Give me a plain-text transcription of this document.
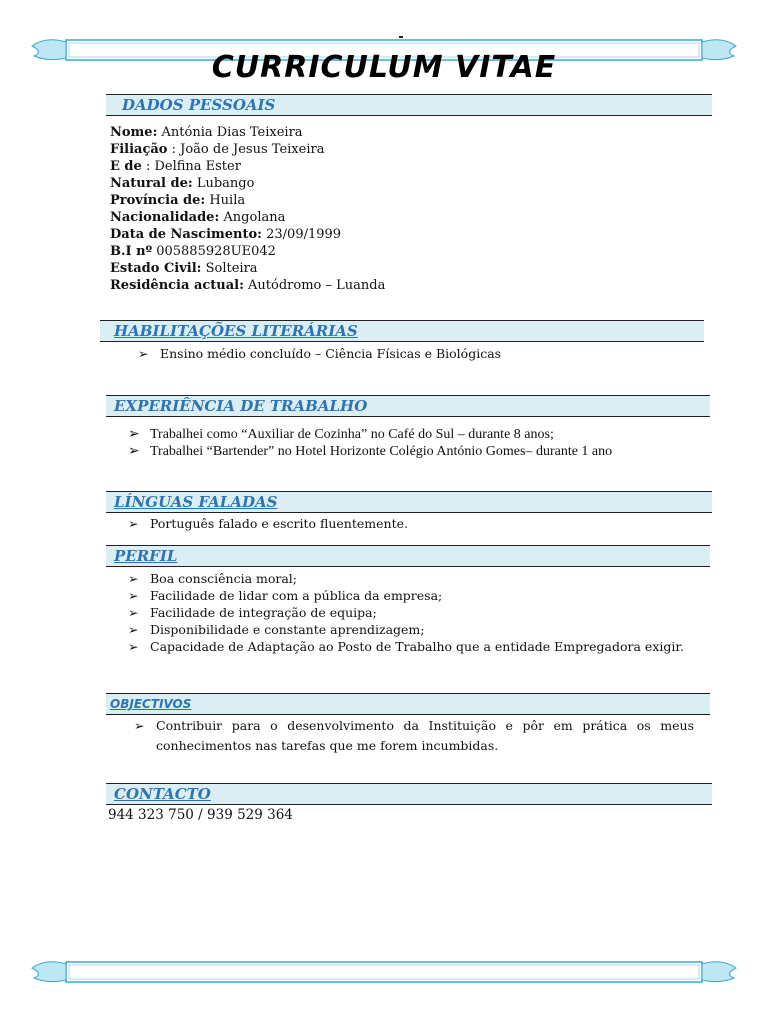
CURRICULUM VITAE
DADOS PESSOAIS
Nome: Antónia Dias Teixeira
Filiação : João de Jesus Teixeira
E de : Delfina Ester
Natural de: Lubango
Província de: Huila
Nacionalidade: Angolana
Data de Nascimento: 23/09/1999
B.I nº 005885928UE042
Estado Civil: Solteira
Residência actual: Autódromo – Luanda
HABILITAÇÕES LITERÁRIAS
➢ Ensino médio concluído – Ciência Físicas e Biológicas
EXPERIÊNCIA DE TRABALHO
➢ Trabalhei como “Auxiliar de Cozinha” no Café do Sul – durante 8 anos;
➢ Trabalhei “Bartender” no Hotel Horizonte Colégio António Gomes– durante 1 ano
LÍNGUAS FALADAS
➢ Português falado e escrito fluentemente.
PERFIL
➢ Boa consciência moral;
➢ Facilidade de lidar com a pública da empresa;
➢ Facilidade de integração de equipa;
➢ Disponibilidade e constante aprendizagem;
➢ Capacidade de Adaptação ao Posto de Trabalho que a entidade Empregadora exigir.
OBJECTIVOS
➢ Contribuir para o desenvolvimento da Instituição e pôr em prática os meus conhecimentos nas tarefas que me forem incumbidas.
CONTACTO
944 323 750 / 939 529 364
